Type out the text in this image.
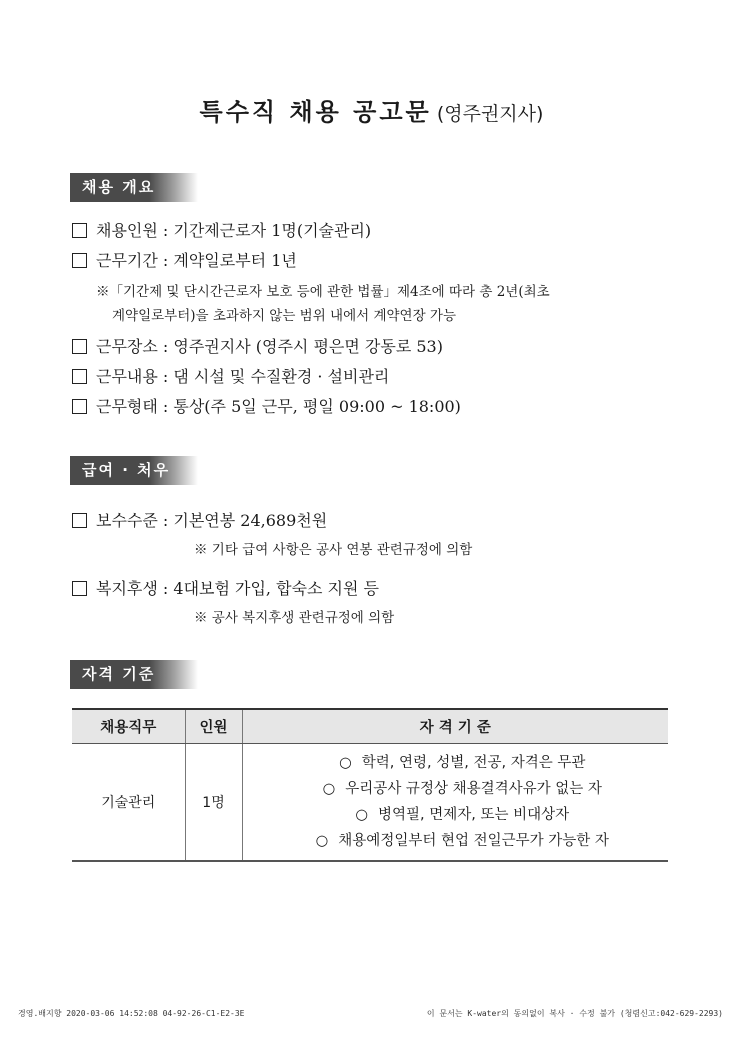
특수직 채용 공고문 (영주권지사)
채용 개요
채용인원 : 기간제근로자 1명(기술관리)
근무기간 : 계약일로부터 1년
※「기간제 및 단시간근로자 보호 등에 관한 법률」제4조에 따라 총 2년(최초
계약일로부터)을 초과하지 않는 범위 내에서 계약연장 가능
근무장소 : 영주권지사 (영주시 평은면 강동로 53)
근무내용 : 댐 시설 및 수질환경 · 설비관리
근무형태 : 통상(주 5일 근무, 평일 09:00 ~ 18:00)
급여 · 처우
보수수준 : 기본연봉 24,689천원
※ 기타 급여 사항은 공사 연봉 관련규정에 의함
복지후생 : 4대보험 가입, 합숙소 지원 등
※ 공사 복지후생 관련규정에 의함
자격 기준
채용직무	인원	자 격 기 준
기술관리	1명	○ 학력, 연령, 성별, 전공, 자격은 무관
○ 우리공사 규정상 채용결격사유가 없는 자
○ 병역필, 면제자, 또는 비대상자
○ 채용예정일부터 현업 전일근무가 가능한 자
경영.배지향 2020-03-06 14:52:08 04-92-26-C1-E2-3E	이 문서는 K-water의 동의없이 복사 · 수정 불가 (청렴신고:042-629-2293)
